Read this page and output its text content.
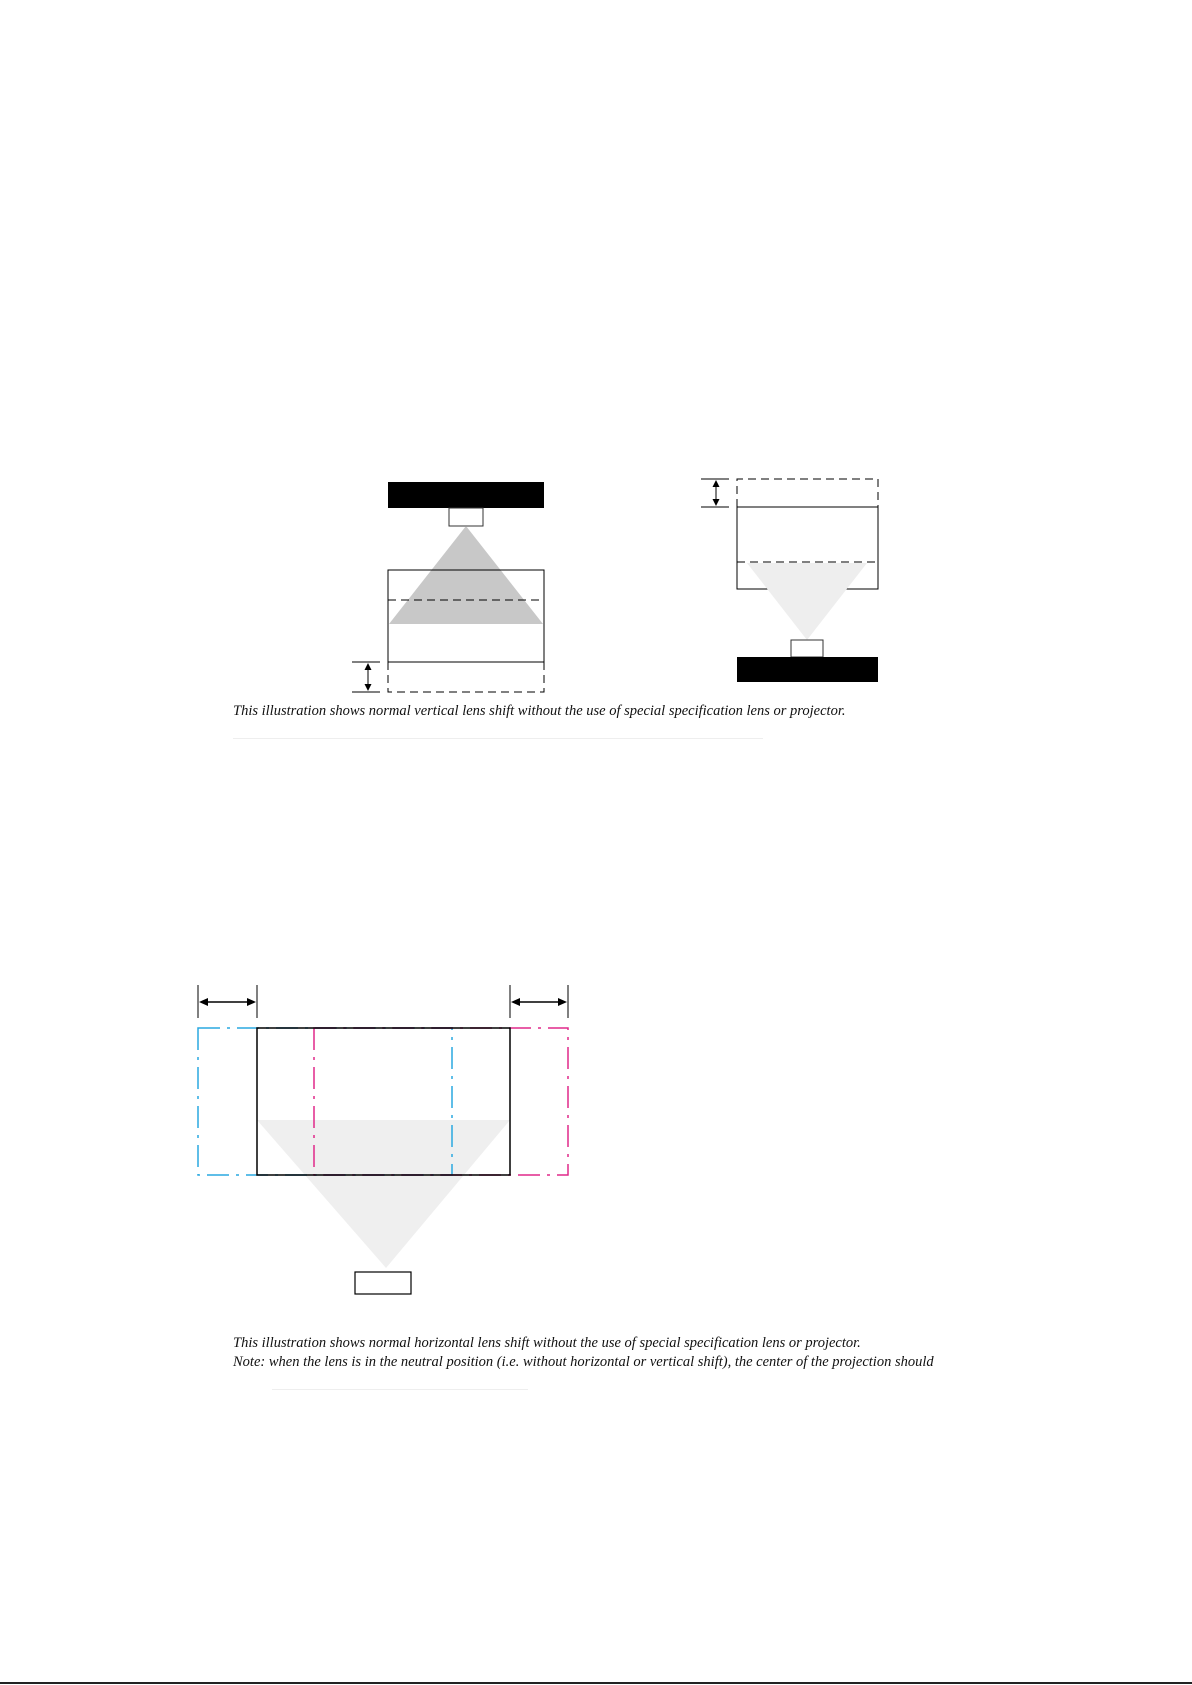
This illustration shows normal vertical lens shift without the use of special specification lens or projector.

This illustration shows normal horizontal lens shift without the use of special specification lens or projector.

Note: when the lens is in the neutral position (i.e. without horizontal or vertical shift), the center of the projection should
